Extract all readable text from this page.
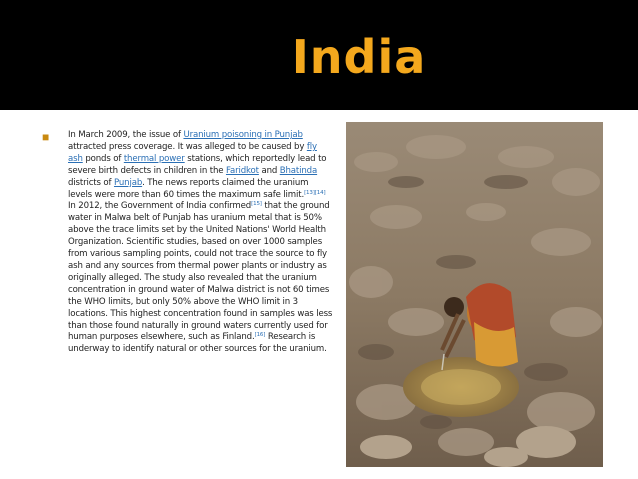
India
■ In March 2009, the issue of Uranium poisoning in Punjab attracted press coverage. It was alleged to be caused by fly ash ponds of thermal power stations, which reportedly lead to severe birth defects in children in the Faridkot and Bhatinda districts of Punjab. The news reports claimed the uranium levels were more than 60 times the maximum safe limit.[13][14] In 2012, the Government of India confirmed[15] that the ground water in Malwa belt of Punjab has uranium metal that is 50% above the trace limits set by the United Nations' World Health Organization. Scientific studies, based on over 1000 samples from various sampling points, could not trace the source to fly ash and any sources from thermal power plants or industry as originally alleged. The study also revealed that the uranium concentration in ground water of Malwa district is not 60 times the WHO limits, but only 50% above the WHO limit in 3 locations. This highest concentration found in samples was less than those found naturally in ground waters currently used for human purposes elsewhere, such as Finland.[16] Research is underway to identify natural or other sources for the uranium.
